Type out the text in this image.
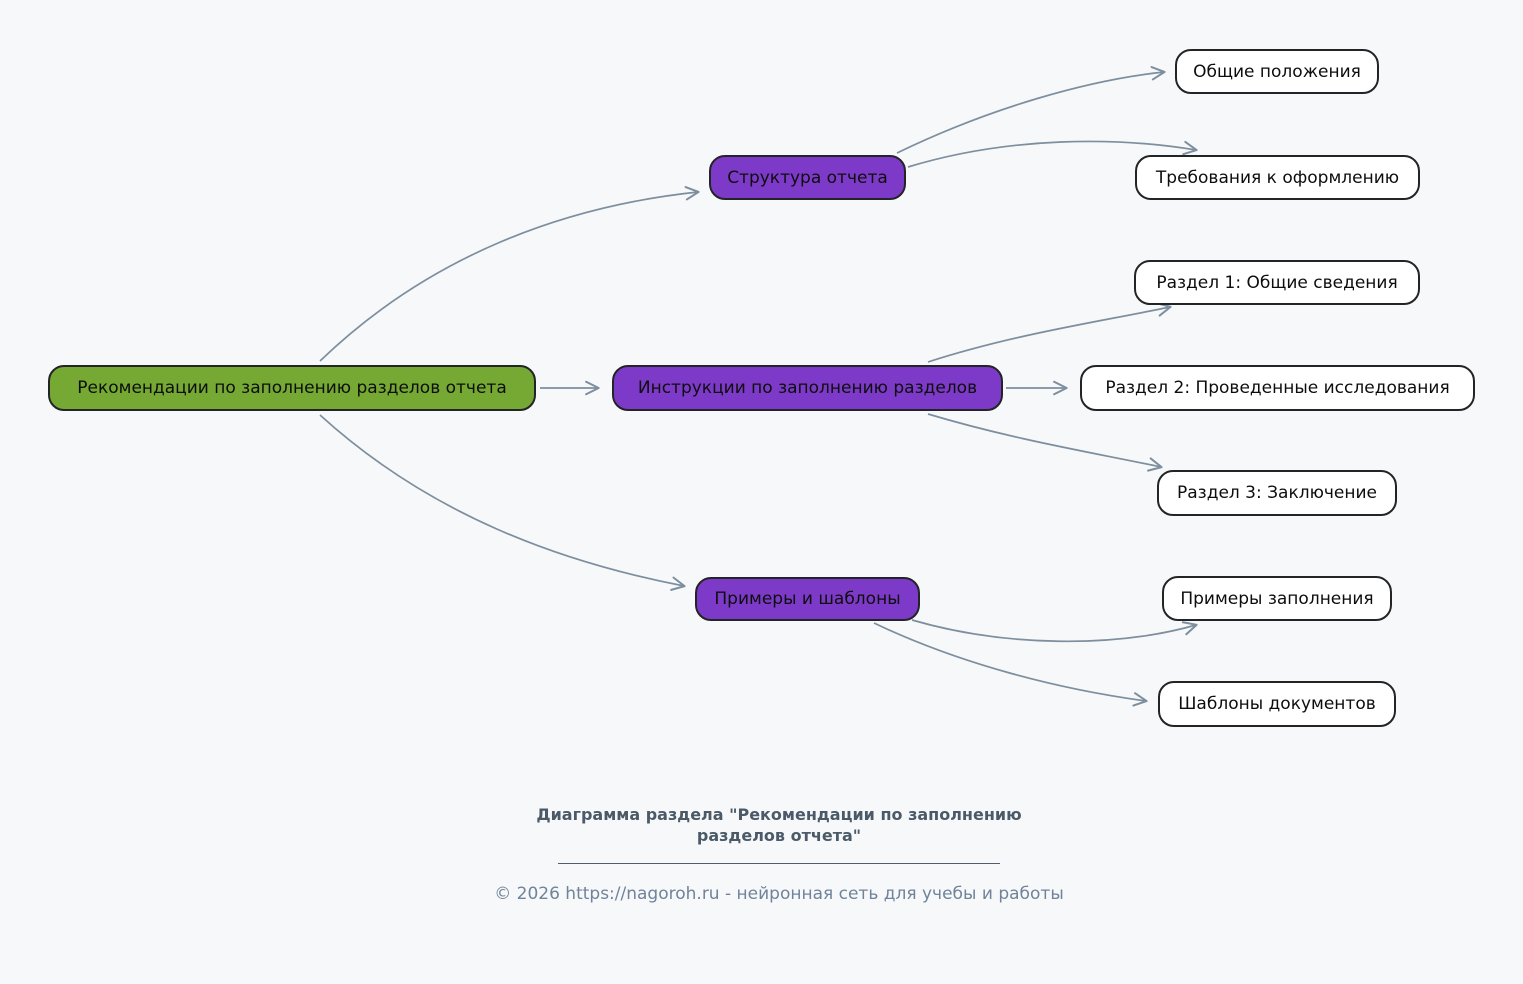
Рекомендации по заполнению разделов отчета
Структура отчета
Инструкции по заполнению разделов
Примеры и шаблоны
Общие положения
Требования к оформлению
Раздел 1: Общие сведения
Раздел 2: Проведенные исследования
Раздел 3: Заключение
Примеры заполнения
Шаблоны документов
Диаграмма раздела "Рекомендации по заполнению разделов отчета"
© 2026 https://nagoroh.ru - нейронная сеть для учебы и работы
